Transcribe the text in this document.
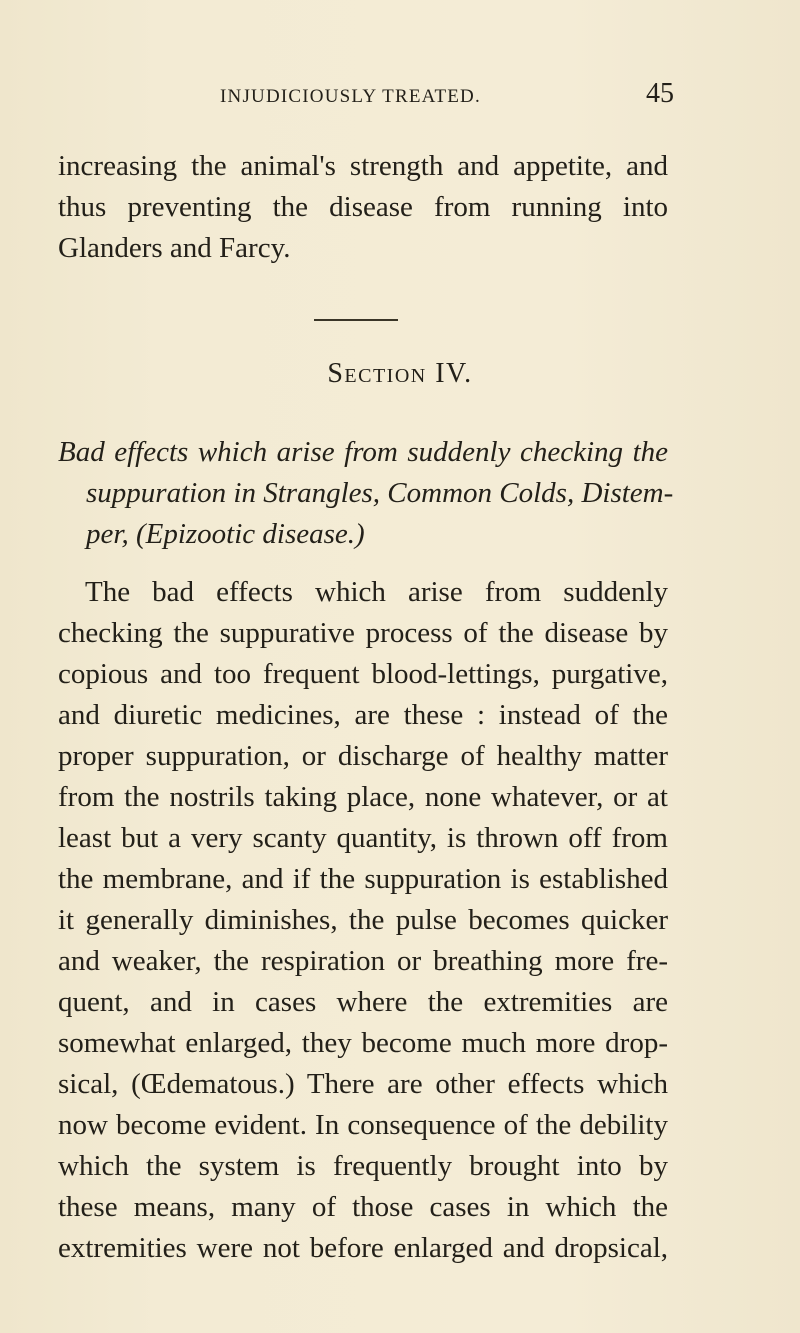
INJUDICIOUSLY TREATED.	45
increasing the animal's strength and appetite, and
thus preventing the disease from running into
Glanders and Farcy.
Section IV.
Bad effects which arise from suddenly checking the
suppuration in Strangles, Common Colds, Distem-
per, (Epizootic disease.)
The bad effects which arise from suddenly
checking the suppurative process of the disease by
copious and too frequent blood-lettings, purgative,
and diuretic medicines, are these : instead of the
proper suppuration, or discharge of healthy matter
from the nostrils taking place, none whatever, or at
least but a very scanty quantity, is thrown off from
the membrane, and if the suppuration is established
it generally diminishes, the pulse becomes quicker
and weaker, the respiration or breathing more fre-
quent, and in cases where the extremities are
somewhat enlarged, they become much more drop-
sical, (Œdematous.) There are other effects which
now become evident. In consequence of the debility
which the system is frequently brought into by
these means, many of those cases in which the
extremities were not before enlarged and dropsical,
